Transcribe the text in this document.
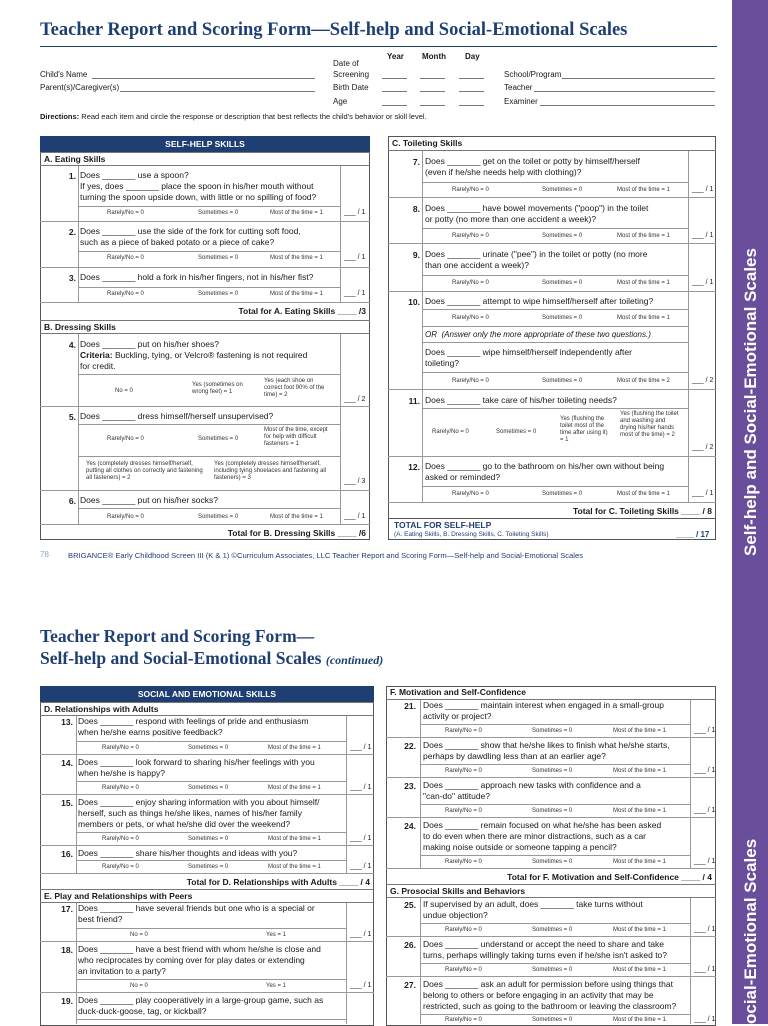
Self-help and Social-Emotional Scales
ocial-Emotional Scales
Teacher Report and Scoring Form—Self-help and Social-Emotional Scales
Year Month Day
Date of
Screening
Birth Date
Age
Child's Name
Parent(s)/Caregiver(s)
School/Program
Teacher
Examiner
Directions: Read each item and circle the response or description that best reflects the child's behavior or skill level.
SELF-HELP SKILLS
A. Eating Skills
1. Does _______ use a spoon?
If yes, does _______ place the spoon in his/her mouth without
turning the spoon upside down, with little or no spilling of food?
Rarely/No = 0	Sometimes = 0	Most of the time = 1	___ / 1
2. Does _______ use the side of the fork for cutting soft food,
such as a piece of baked potato or a piece of cake?
Rarely/No = 0	Sometimes = 0	Most of the time = 1	___ / 1
3. Does _______ hold a fork in his/her fingers, not in his/her fist?
Rarely/No = 0	Sometimes = 0	Most of the time = 1	___ / 1
Total for A. Eating Skills ____ /3
B. Dressing Skills
4. Does _______ put on his/her shoes?
Criteria: Buckling, tying, or Velcro® fastening is not required
for credit.
No = 0
Yes (sometimes on wrong feet) = 1
Yes (each shoe on correct foot 90% of the time) = 2
___ / 2
5. Does _______ dress himself/herself unsupervised?
Rarely/No = 0	Sometimes = 0
Most of the time, except for help with difficult fasteners = 1
Yes (completely dresses himself/herself, putting all clothes on correctly and fastening all fasteners) = 2
Yes (completely dresses himself/herself, including tying shoelaces and fastening all fasteners) = 3	___ / 3
6. Does _______ put on his/her socks?
Rarely/No = 0	Sometimes = 0	Most of the time = 1	___ / 1
Total for B. Dressing Skills ____ /6
C. Toileting Skills
7. Does _______ get on the toilet or potty by himself/herself
(even if he/she needs help with clothing)?
Rarely/No = 0	Sometimes = 0	Most of the time = 1	___ / 1
8. Does _______ have bowel movements ("poop") in the toilet
or potty (no more than one accident a week)?
Rarely/No = 0	Sometimes = 0	Most of the time = 1	___ / 1
9. Does _______ urinate ("pee") in the toilet or potty (no more
than one accident a week)?
Rarely/No = 0	Sometimes = 0	Most of the time = 1	___ / 1
10. Does _______ attempt to wipe himself/herself after toileting?
Rarely/No = 0	Sometimes = 0	Most of the time = 1
OR (Answer only the more appropriate of these two questions.)
Does _______ wipe himself/herself independently after
toileting?
Rarely/No = 0	Sometimes = 0	Most of the time = 2	___ / 2
11. Does _______ take care of his/her toileting needs?
Rarely/No = 0	Sometimes = 0
Yes (flushing the toilet most of the time after using it) = 1
Yes (flushing the toilet and washing and drying his/her hands most of the time) = 2
___ / 2
12. Does _______ go to the bathroom on his/her own without being
asked or reminded?
Rarely/No = 0	Sometimes = 0	Most of the time = 1	___ / 1
Total for C. Toileting Skills ____ / 8
TOTAL FOR SELF-HELP
(A. Eating Skills, B. Dressing Skills, C. Toileting Skills)	____ / 17
78	BRIGANCE® Early Childhood Screen III (K & 1) ©Curriculum Associates, LLC Teacher Report and Scoring Form—Self-help and Social-Emotional Scales
Teacher Report and Scoring Form—
Self-help and Social-Emotional Scales (continued)
SOCIAL AND EMOTIONAL SKILLS
D. Relationships with Adults
13. Does _______ respond with feelings of pride and enthusiasm
when he/she earns positive feedback?
Rarely/No = 0	Sometimes = 0	Most of the time = 1	___ / 1
14. Does _______ look forward to sharing his/her feelings with you
when he/she is happy?
Rarely/No = 0	Sometimes = 0	Most of the time = 1	___ / 1
15. Does _______ enjoy sharing information with you about himself/
herself, such as things he/she likes, names of his/her family
members or pets, or what he/she did over the weekend?
Rarely/No = 0	Sometimes = 0	Most of the time = 1	___ / 1
16. Does _______ share his/her thoughts and ideas with you?
Rarely/No = 0	Sometimes = 0	Most of the time = 1	___ / 1
Total for D. Relationships with Adults ____ / 4
E. Play and Relationships with Peers
17. Does _______ have several friends but one who is a special or
best friend?
No = 0	Yes = 1	___ / 1
18. Does _______ have a best friend with whom he/she is close and
who reciprocates by coming over for play dates or extending
an invitation to a party?
No = 0	Yes = 1	___ / 1
19. Does _______ play cooperatively in a large-group game, such as
duck-duck-goose, tag, or kickball?
F. Motivation and Self-Confidence
21. Does _______ maintain interest when engaged in a small-group
activity or project?
Rarely/No = 0	Sometimes = 0	Most of the time = 1	___ / 1
22. Does _______ show that he/she likes to finish what he/she starts,
perhaps by dawdling less than at an earlier age?
Rarely/No = 0	Sometimes = 0	Most of the time = 1	___ / 1
23. Does _______ approach new tasks with confidence and a
"can-do" attitude?
Rarely/No = 0	Sometimes = 0	Most of the time = 1	___ / 1
24. Does _______ remain focused on what he/she has been asked
to do even when there are minor distractions, such as a car
making noise outside or someone tapping a pencil?
Rarely/No = 0	Sometimes = 0	Most of the time = 1	___ / 1
Total for F. Motivation and Self-Confidence ____ / 4
G. Prosocial Skills and Behaviors
25. If supervised by an adult, does _______ take turns without
undue objection?
Rarely/No = 0	Sometimes = 0	Most of the time = 1	___ / 1
26. Does _______ understand or accept the need to share and take
turns, perhaps willingly taking turns even if he/she isn't asked to?
Rarely/No = 0	Sometimes = 0	Most of the time = 1	___ / 1
27. Does _______ ask an adult for permission before using things that
belong to others or before engaging in an activity that may be
restricted, such as going to the bathroom or leaving the classroom?
Rarely/No = 0	Sometimes = 0	Most of the time = 1	___ / 1
